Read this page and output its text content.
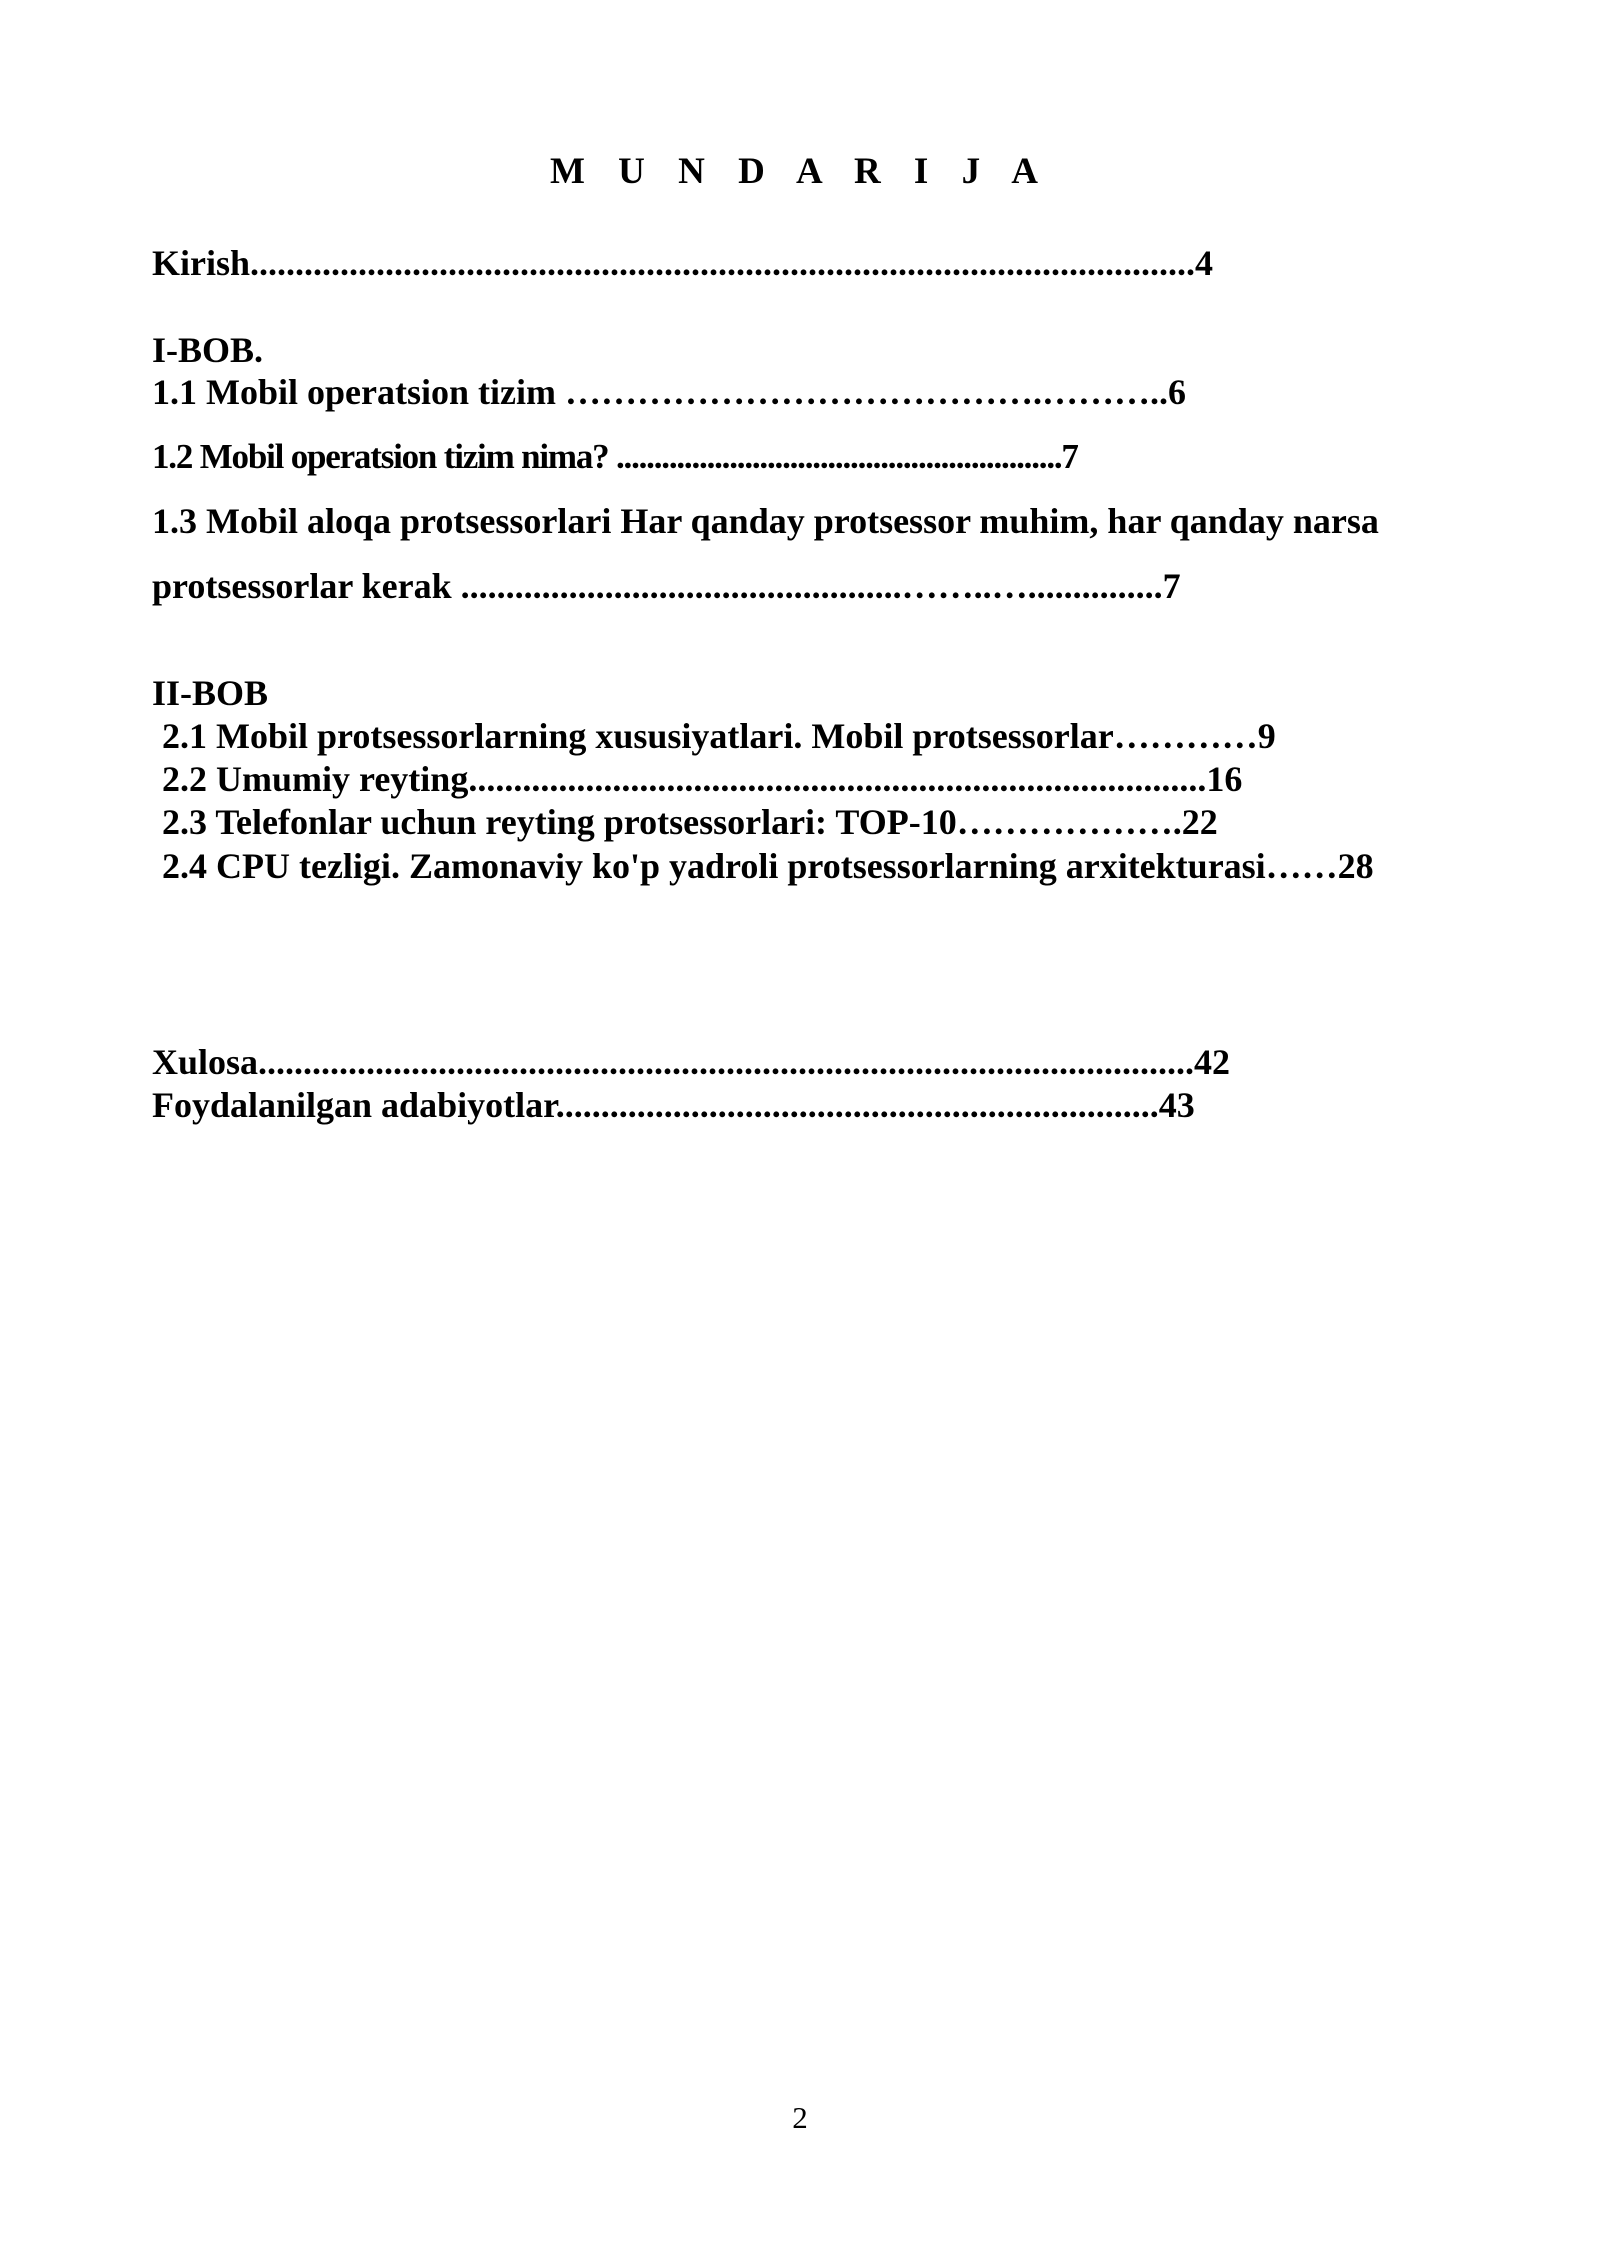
M U N D A R I J A
Kirish.........................................................................................................4
I-BOB.
1.1 Mobil operatsion tizim ………………………………….………..6
1.2 Mobil operatsion tizim nima? ...........................................................7
1.3 Mobil aloqa protsessorlari Har qanday protsessor muhim, har qanday narsa
protsessorlar kerak .................................................……..…...............7
II-BOB
2.1 Mobil protsessorlarning xususiyatlari. Mobil protsessorlar…………9
2.2 Umumiy reyting..................................................................................16
2.3 Telefonlar uchun reyting protsessorlari: TOP-10……………….22
2.4 CPU tezligi. Zamonaviy ko'p yadroli protsessorlarning arxitekturasi……28
Xulosa........................................................................................................42
Foydalanilgan adabiyotlar...................................................................43
2
